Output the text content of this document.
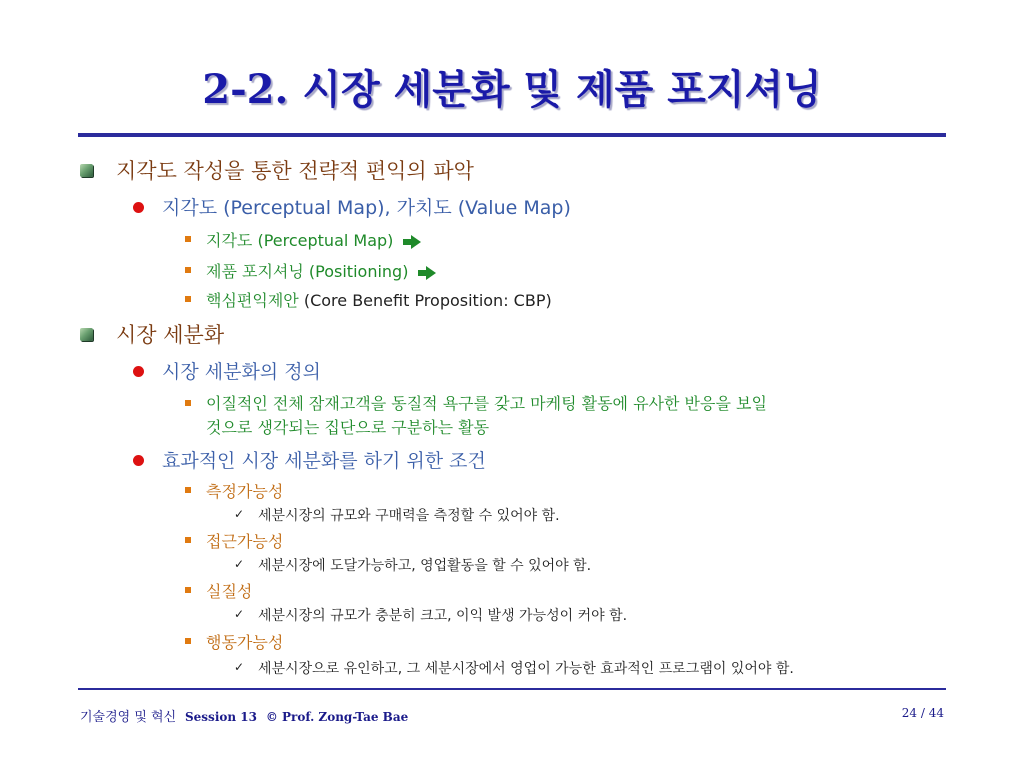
2-2. 시장 세분화 및 제품 포지셔닝
지각도 작성을 통한 전략적 편익의 파악
지각도 (Perceptual Map), 가치도 (Value Map)
지각도 (Perceptual Map)
제품 포지셔닝 (Positioning)
핵심편익제안 (Core Benefit Proposition: CBP)
시장 세분화
시장 세분화의 정의
이질적인 전체 잠재고객을 동질적 욕구를 갖고 마케팅 활동에 유사한 반응을 보일
것으로 생각되는 집단으로 구분하는 활동
효과적인 시장 세분화를 하기 위한 조건
측정가능성
✓ 세분시장의 규모와 구매력을 측정할 수 있어야 함.
접근가능성
✓ 세분시장에 도달가능하고, 영업활동을 할 수 있어야 함.
실질성
✓ 세분시장의 규모가 충분히 크고, 이익 발생 가능성이 커야 함.
행동가능성
✓ 세분시장으로 유인하고, 그 세분시장에서 영업이 가능한 효과적인 프로그램이 있어야 함.
기술경영 및 혁신 Session 13 © Prof. Zong-Tae Bae	24 / 44
